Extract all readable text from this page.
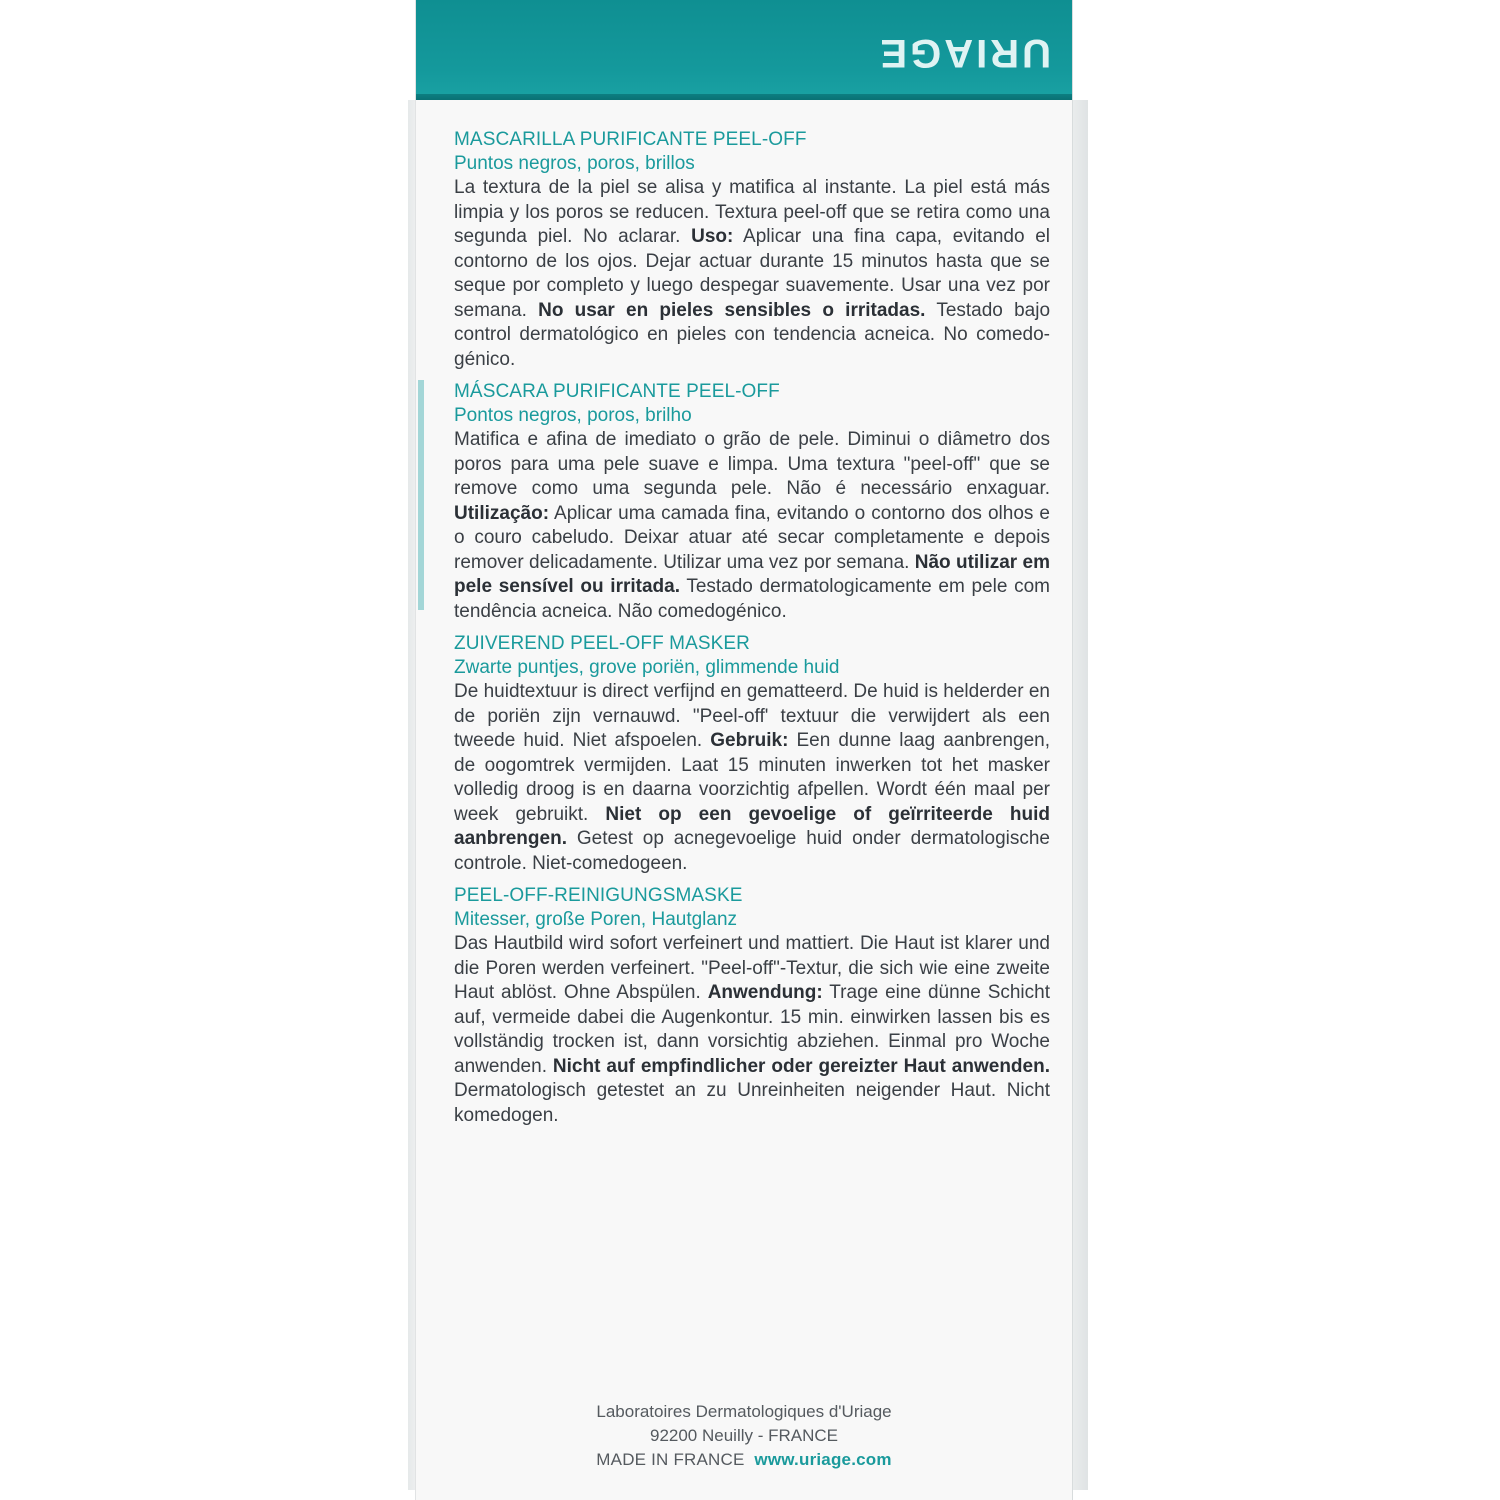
URIAGE

MASCARILLA PURIFICANTE PEEL-OFF

Puntos negros, poros, brillos

La textura de la piel se alisa y matifica al instante. La piel está más limpia y los poros se reducen. Textura peel-off que se retira como una segunda piel. No aclarar. Uso: Aplicar una fina capa, evitando el contorno de los ojos. Dejar actuar durante 15 minutos hasta que se seque por completo y luego despegar suavemente. Usar una vez por semana. No usar en pieles sensibles o irritadas. Testado bajo control dermatológico en pieles con tendencia acneica. No comedogénico.

MÁSCARA PURIFICANTE PEEL-OFF

Pontos negros, poros, brilho

Matifica e afina de imediato o grão de pele. Diminui o diâmetro dos poros para uma pele suave e limpa. Uma textura "peel-off" que se remove como uma segunda pele. Não é necessário enxaguar. Utilização: Aplicar uma camada fina, evitando o contorno dos olhos e o couro cabeludo. Deixar atuar até secar completamente e depois remover delicadamente. Utilizar uma vez por semana. Não utilizar em pele sensível ou irritada. Testado dermatologicamente em pele com tendência acneica. Não comedogénico.

ZUIVEREND PEEL-OFF MASKER

Zwarte puntjes, grove poriën, glimmende huid

De huidtextuur is direct verfijnd en gematteerd. De huid is helderder en de poriën zijn vernauwd. "Peel-off' textuur die verwijdert als een tweede huid. Niet afspoelen. Gebruik: Een dunne laag aanbrengen, de oogomtrek vermijden. Laat 15 minuten inwerken tot het masker volledig droog is en daarna voorzichtig afpellen. Wordt één maal per week gebruikt. Niet op een gevoelige of geïrriteerde huid aanbrengen. Getest op acnegevoelige huid onder dermatologische controle. Niet-comedogeen.

PEEL-OFF-REINIGUNGSMASKE

Mitesser, große Poren, Hautglanz

Das Hautbild wird sofort verfeinert und mattiert. Die Haut ist klarer und die Poren werden verfeinert. "Peel-off"-Textur, die sich wie eine zweite Haut ablöst. Ohne Abspülen. Anwendung: Trage eine dünne Schicht auf, vermeide dabei die Augenkontur. 15 min. einwirken lassen bis es vollständig trocken ist, dann vorsichtig abziehen. Einmal pro Woche anwenden. Nicht auf empfindlicher oder gereizter Haut anwenden. Dermatologisch getestet an zu Unreinheiten neigender Haut. Nicht komedogen.

Laboratoires Dermatologiques d'Uriage
92200 Neuilly - FRANCE
MADE IN FRANCE www.uriage.com
